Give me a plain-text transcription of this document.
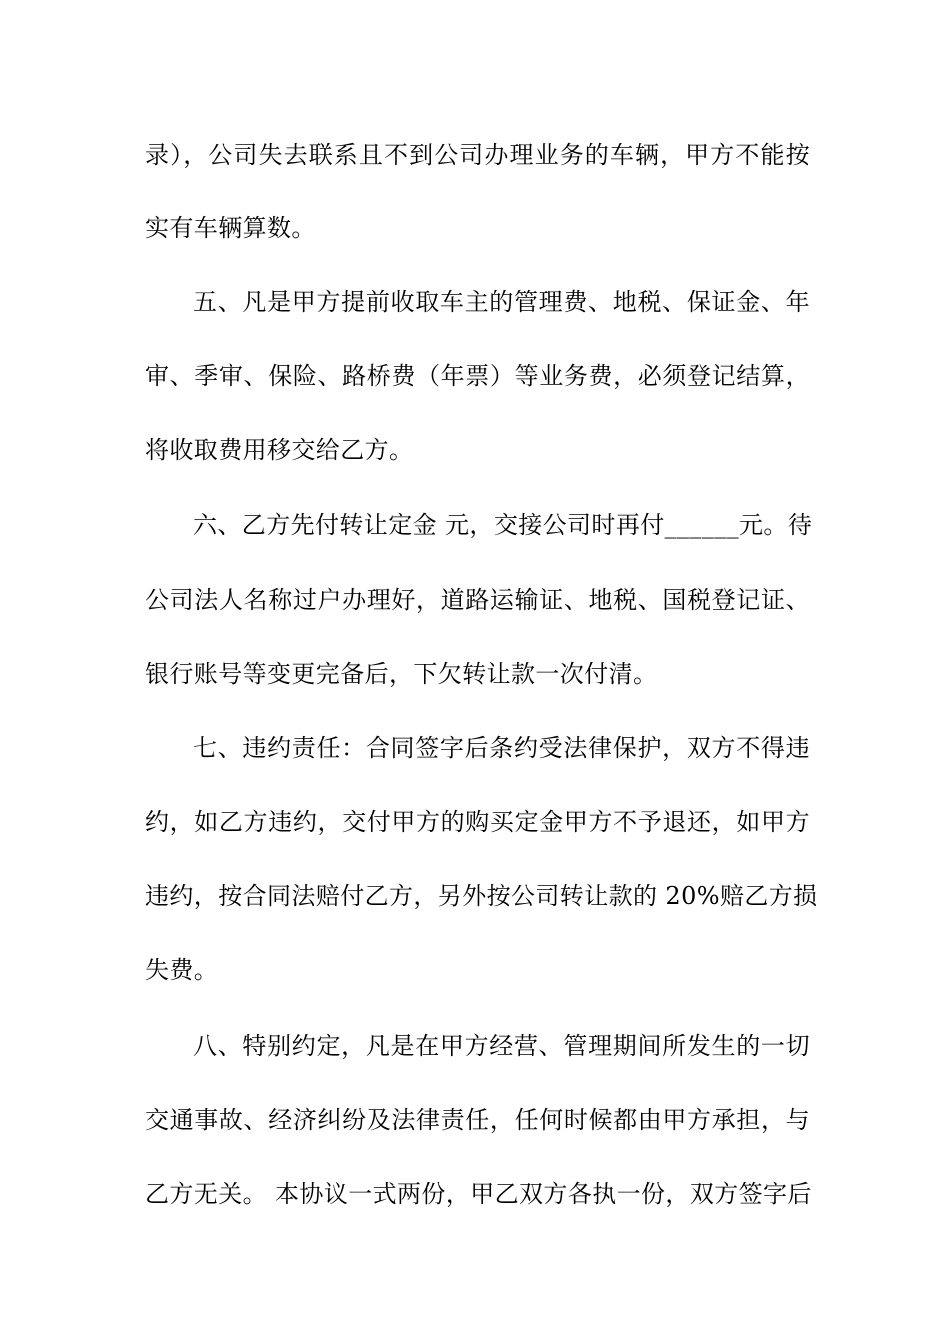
录），公司失去联系且不到公司办理业务的车辆，甲方不能按
实有车辆算数。
五、凡是甲方提前收取车主的管理费、地税、保证金、年
审、季审、保险、路桥费（年票）等业务费，必须登记结算，
将收取费用移交给乙方。
六、乙方先付转让定金 元，交接公司时再付______元。待
公司法人名称过户办理好，道路运输证、地税、国税登记证、
银行账号等变更完备后，下欠转让款一次付清。
七、违约责任：合同签字后条约受法律保护，双方不得违
约，如乙方违约，交付甲方的购买定金甲方不予退还，如甲方
违约，按合同法赔付乙方，另外按公司转让款的 20%赔乙方损
失费。
八、特别约定，凡是在甲方经营、管理期间所发生的一切
交通事故、经济纠纷及法律责任，任何时候都由甲方承担，与
乙方无关。 本协议一式两份，甲乙双方各执一份，双方签字后
